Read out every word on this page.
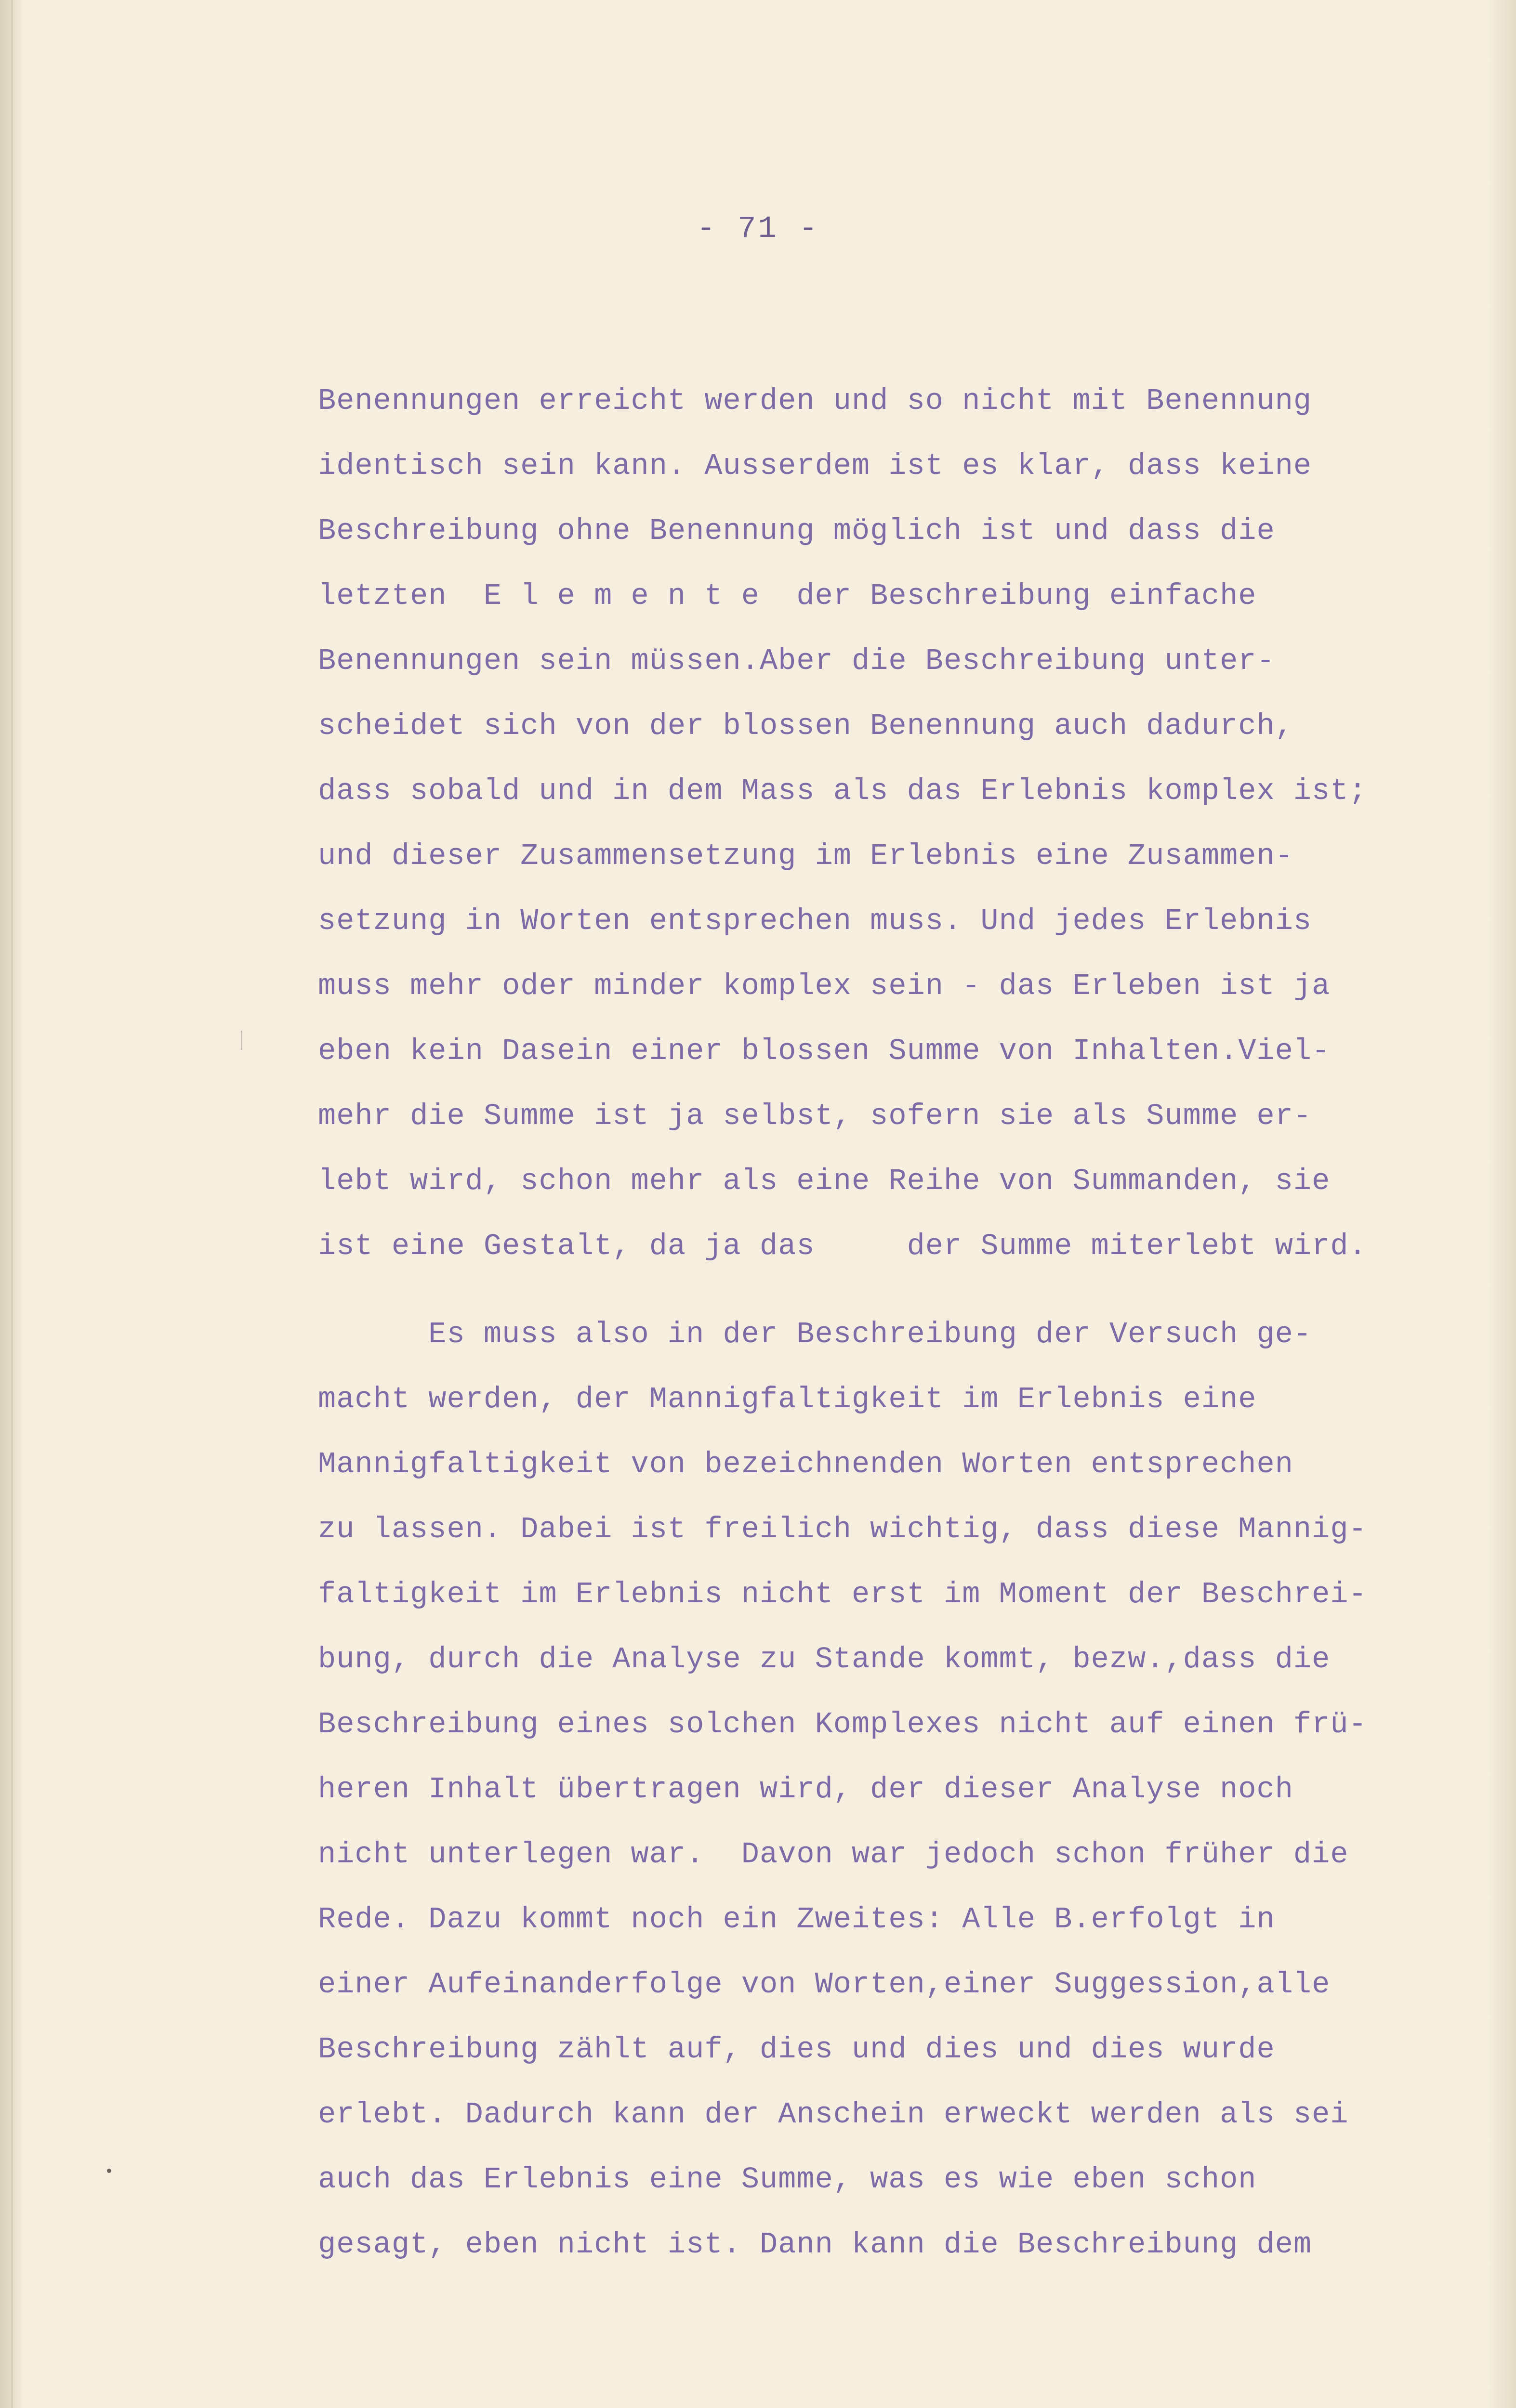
- 71 -
Benennungen erreicht werden und so nicht mit Benennung
identisch sein kann. Ausserdem ist es klar, dass keine
Beschreibung ohne Benennung möglich ist und dass die
letzten  E l e m e n t e  der Beschreibung einfache
Benennungen sein müssen.Aber die Beschreibung unter-
scheidet sich von der blossen Benennung auch dadurch,
dass sobald und in dem Mass als das Erlebnis komplex ist;
und dieser Zusammensetzung im Erlebnis eine Zusammen-
setzung in Worten entsprechen muss. Und jedes Erlebnis
muss mehr oder minder komplex sein - das Erleben ist ja
eben kein Dasein einer blossen Summe von Inhalten.Viel-
mehr die Summe ist ja selbst, sofern sie als Summe er-
lebt wird, schon mehr als eine Reihe von Summanden, sie
ist eine Gestalt, da ja das     der Summe miterlebt wird.
Es muss also in der Beschreibung der Versuch ge-
macht werden, der Mannigfaltigkeit im Erlebnis eine
Mannigfaltigkeit von bezeichnenden Worten entsprechen
zu lassen. Dabei ist freilich wichtig, dass diese Mannig-
faltigkeit im Erlebnis nicht erst im Moment der Beschrei-
bung, durch die Analyse zu Stande kommt, bezw.,dass die
Beschreibung eines solchen Komplexes nicht auf einen frü-
heren Inhalt übertragen wird, der dieser Analyse noch
nicht unterlegen war.  Davon war jedoch schon früher die
Rede. Dazu kommt noch ein Zweites: Alle B.erfolgt in
einer Aufeinanderfolge von Worten,einer Suggession,alle
Beschreibung zählt auf, dies und dies und dies wurde
erlebt. Dadurch kann der Anschein erweckt werden als sei
auch das Erlebnis eine Summe, was es wie eben schon
gesagt, eben nicht ist. Dann kann die Beschreibung dem
